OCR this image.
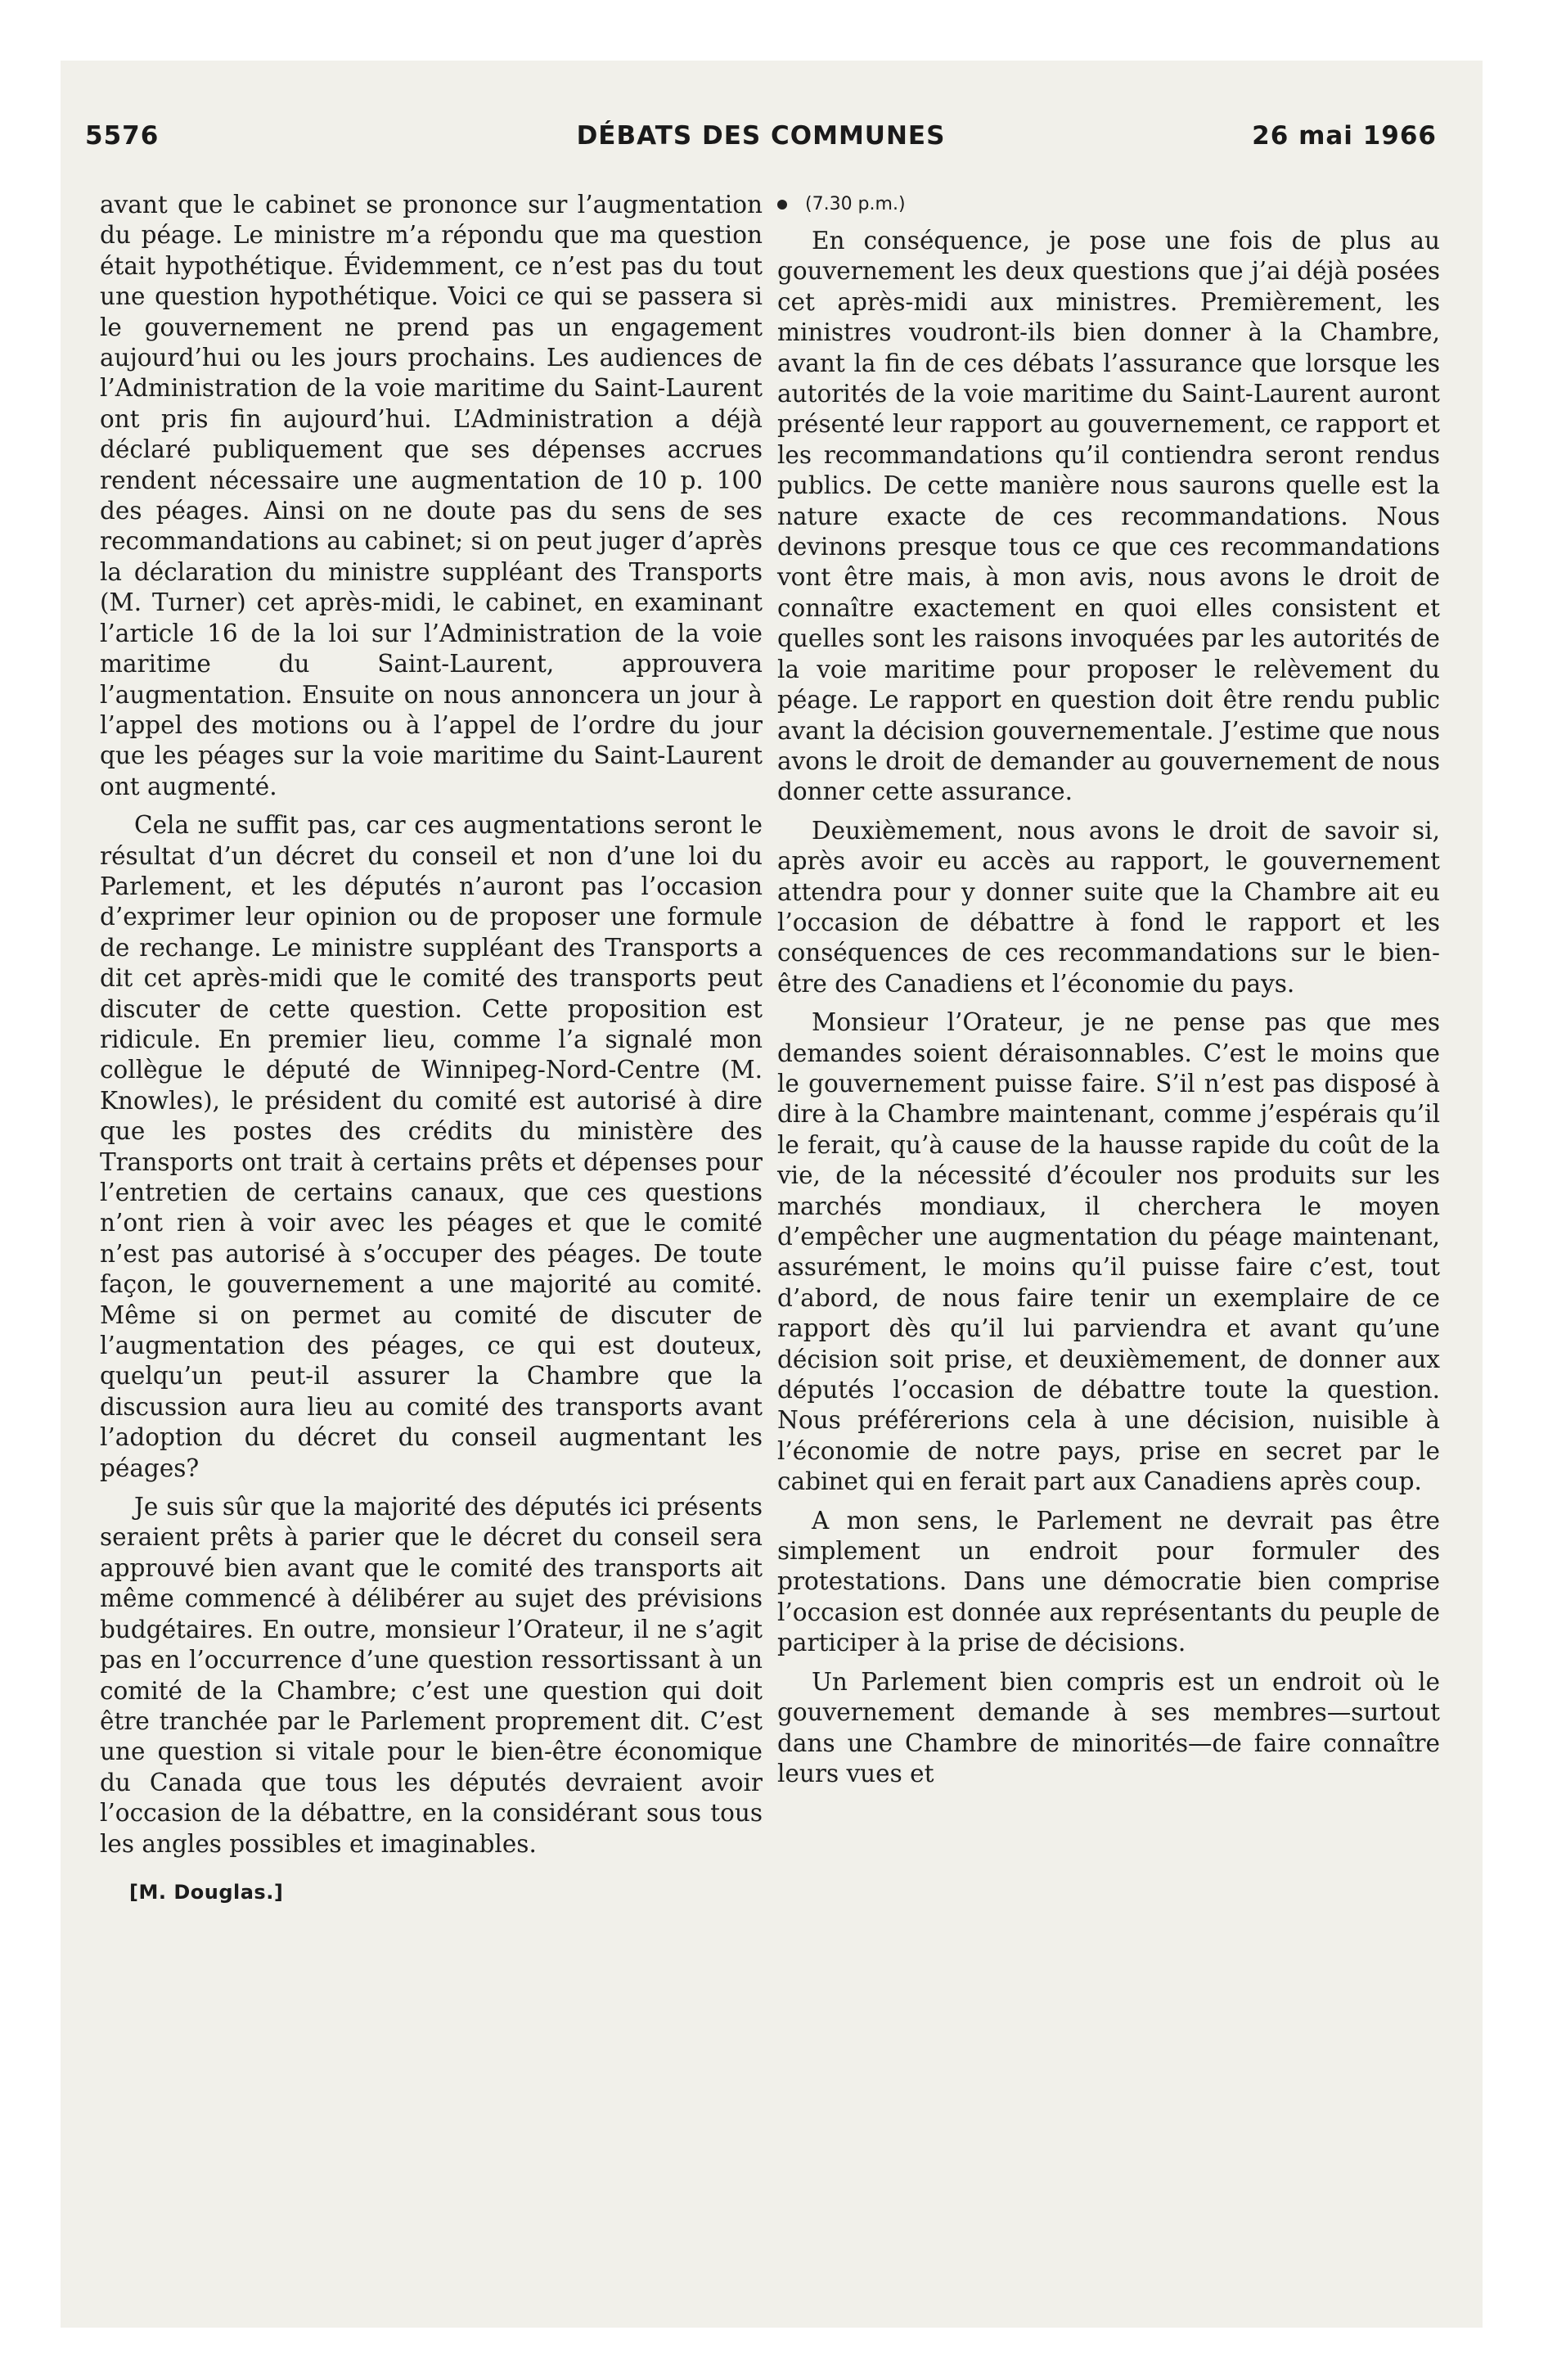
5576	DÉBATS DES COMMUNES	26 mai 1966

avant que le cabinet se prononce sur l’augmentation du péage. Le ministre m’a répondu que ma question était hypothétique. Évidemment, ce n’est pas du tout une question hypothétique. Voici ce qui se passera si le gouvernement ne prend pas un engagement aujourd’hui ou les jours prochains. Les audiences de l’Administration de la voie maritime du Saint-Laurent ont pris fin aujourd’hui. L’Administration a déjà déclaré publiquement que ses dépenses accrues rendent nécessaire une augmentation de 10 p. 100 des péages. Ainsi on ne doute pas du sens de ses recommandations au cabinet; si on peut juger d’après la déclaration du ministre suppléant des Transports (M. Turner) cet après-midi, le cabinet, en examinant l’article 16 de la loi sur l’Administration de la voie maritime du Saint-Laurent, approuvera l’augmentation. Ensuite on nous annoncera un jour à l’appel des motions ou à l’appel de l’ordre du jour que les péages sur la voie maritime du Saint-Laurent ont augmenté.

Cela ne suffit pas, car ces augmentations seront le résultat d’un décret du conseil et non d’une loi du Parlement, et les députés n’auront pas l’occasion d’exprimer leur opinion ou de proposer une formule de rechange. Le ministre suppléant des Transports a dit cet après-midi que le comité des transports peut discuter de cette question. Cette proposition est ridicule. En premier lieu, comme l’a signalé mon collègue le député de Winnipeg-Nord-Centre (M. Knowles), le président du comité est autorisé à dire que les postes des crédits du ministère des Transports ont trait à certains prêts et dépenses pour l’entretien de certains canaux, que ces questions n’ont rien à voir avec les péages et que le comité n’est pas autorisé à s’occuper des péages. De toute façon, le gouvernement a une majorité au comité. Même si on permet au comité de discuter de l’augmentation des péages, ce qui est douteux, quelqu’un peut-il assurer la Chambre que la discussion aura lieu au comité des transports avant l’adoption du décret du conseil augmentant les péages?

Je suis sûr que la majorité des députés ici présents seraient prêts à parier que le décret du conseil sera approuvé bien avant que le comité des transports ait même commencé à délibérer au sujet des prévisions budgétaires. En outre, monsieur l’Orateur, il ne s’agit pas en l’occurrence d’une question ressortissant à un comité de la Chambre; c’est une question qui doit être tranchée par le Parlement proprement dit. C’est une question si vitale pour le bien-être économique du Canada que tous les députés devraient avoir l’occasion de la débattre, en la considérant sous tous les angles possibles et imaginables.

[M. Douglas.]
(7.30 p.m.)

En conséquence, je pose une fois de plus au gouvernement les deux questions que j’ai déjà posées cet après-midi aux ministres. Premièrement, les ministres voudront-ils bien donner à la Chambre, avant la fin de ces débats l’assurance que lorsque les autorités de la voie maritime du Saint-Laurent auront présenté leur rapport au gouvernement, ce rapport et les recommandations qu’il contiendra seront rendus publics. De cette manière nous saurons quelle est la nature exacte de ces recommandations. Nous devinons presque tous ce que ces recommandations vont être mais, à mon avis, nous avons le droit de connaître exactement en quoi elles consistent et quelles sont les raisons invoquées par les autorités de la voie maritime pour proposer le relèvement du péage. Le rapport en question doit être rendu public avant la décision gouvernementale. J’estime que nous avons le droit de demander au gouvernement de nous donner cette assurance.

Deuxièmement, nous avons le droit de savoir si, après avoir eu accès au rapport, le gouvernement attendra pour y donner suite que la Chambre ait eu l’occasion de débattre à fond le rapport et les conséquences de ces recommandations sur le bien-être des Canadiens et l’économie du pays.

Monsieur l’Orateur, je ne pense pas que mes demandes soient déraisonnables. C’est le moins que le gouvernement puisse faire. S’il n’est pas disposé à dire à la Chambre maintenant, comme j’espérais qu’il le ferait, qu’à cause de la hausse rapide du coût de la vie, de la nécessité d’écouler nos produits sur les marchés mondiaux, il cherchera le moyen d’empêcher une augmentation du péage maintenant, assurément, le moins qu’il puisse faire c’est, tout d’abord, de nous faire tenir un exemplaire de ce rapport dès qu’il lui parviendra et avant qu’une décision soit prise, et deuxièmement, de donner aux députés l’occasion de débattre toute la question. Nous préférerions cela à une décision, nuisible à l’économie de notre pays, prise en secret par le cabinet qui en ferait part aux Canadiens après coup.

A mon sens, le Parlement ne devrait pas être simplement un endroit pour formuler des protestations. Dans une démocratie bien comprise l’occasion est donnée aux représentants du peuple de participer à la prise de décisions.

Un Parlement bien compris est un endroit où le gouvernement demande à ses membres—surtout dans une Chambre de minorités—de faire connaître leurs vues et
